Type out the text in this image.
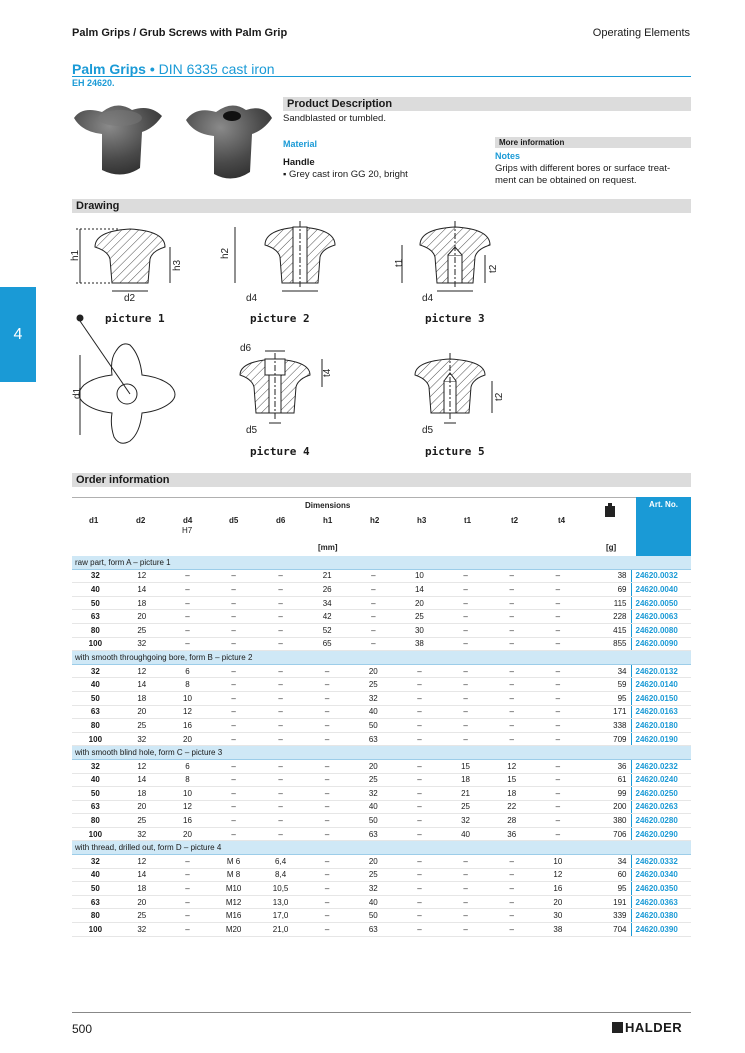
Palm Grips / Grub Screws with Palm Grip	Operating Elements
Palm Grips • DIN 6335 cast iron
EH 24620.
4
Product Description
Sandblasted or tumbled.
Material
Handle
▪ Grey cast iron GG 20, bright
More information
Notes
Grips with different bores or surface treat-
ment can be obtained on request.
Drawing
h1
h3
d2
h2
d4
t1
t2
d4
d6
t4
d5	d5
t2
d1
picture 1	picture 2	picture 3
picture 4	picture 5
Order information
Art. No.
Dimensions
[mm]	[g]
H7
d1	d2	d4	d5	d6	h1	h2	h3	t1	t2	t4

raw part, form A – picture 1												
32	12	–	–	–	21	–	10	–	–	–	38	24620.0032
40	14	–	–	–	26	–	14	–	–	–	69	24620.0040
50	18	–	–	–	34	–	20	–	–	–	115	24620.0050
63	20	–	–	–	42	–	25	–	–	–	228	24620.0063
80	25	–	–	–	52	–	30	–	–	–	415	24620.0080
100	32	–	–	–	65	–	38	–	–	–	855	24620.0090
with smooth throughgoing bore, form B – picture 2												
32	12	6	–	–	–	20	–	–	–	–	34	24620.0132
40	14	8	–	–	–	25	–	–	–	–	59	24620.0140
50	18	10	–	–	–	32	–	–	–	–	95	24620.0150
63	20	12	–	–	–	40	–	–	–	–	171	24620.0163
80	25	16	–	–	–	50	–	–	–	–	338	24620.0180
100	32	20	–	–	–	63	–	–	–	–	709	24620.0190
with smooth blind hole, form C – picture 3												
32	12	6	–	–	–	20	–	15	12	–	36	24620.0232
40	14	8	–	–	–	25	–	18	15	–	61	24620.0240
50	18	10	–	–	–	32	–	21	18	–	99	24620.0250
63	20	12	–	–	–	40	–	25	22	–	200	24620.0263
80	25	16	–	–	–	50	–	32	28	–	380	24620.0280
100	32	20	–	–	–	63	–	40	36	–	706	24620.0290
with thread, drilled out, form D – picture 4												
32	12	–	M 6	6,4	–	20	–	–	–	10	34	24620.0332
40	14	–	M 8	8,4	–	25	–	–	–	12	60	24620.0340
50	18	–	M10	10,5	–	32	–	–	–	16	95	24620.0350
63	20	–	M12	13,0	–	40	–	–	–	20	191	24620.0363
80	25	–	M16	17,0	–	50	–	–	–	30	339	24620.0380
100	32	–	M20	21,0	–	63	–	–	–	38	704	24620.0390
500	HALDER
